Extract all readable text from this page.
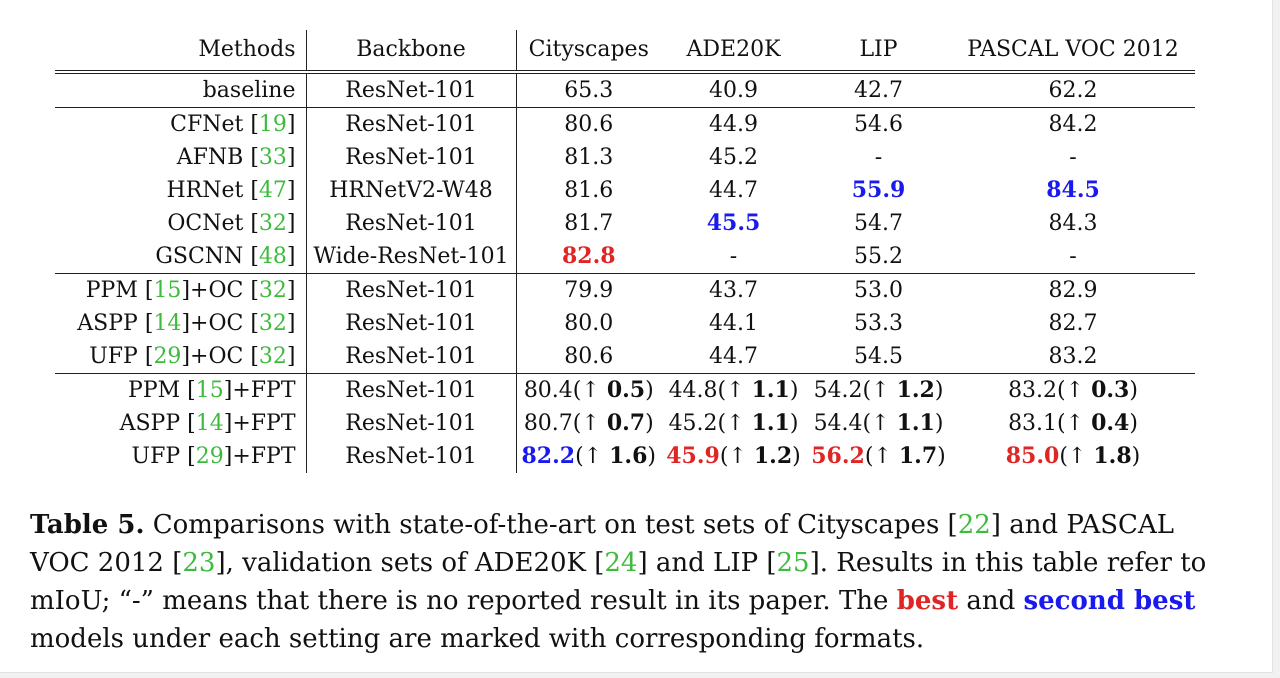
Methods	Backbone	Cityscapes	ADE20K	LIP	PASCAL VOC 2012
baseline	ResNet-101	65.3	40.9	42.7	62.2
CFNet [19]	ResNet-101	80.6	44.9	54.6	84.2
AFNB [33]	ResNet-101	81.3	45.2	-	-
HRNet [47]	HRNetV2-W48	81.6	44.7	55.9	84.5
OCNet [32]	ResNet-101	81.7	45.5	54.7	84.3
GSCNN [48]	Wide-ResNet-101	82.8	-	55.2	-
PPM [15]+OC [32]	ResNet-101	79.9	43.7	53.0	82.9
ASPP [14]+OC [32]	ResNet-101	80.0	44.1	53.3	82.7
UFP [29]+OC [32]	ResNet-101	80.6	44.7	54.5	83.2
PPM [15]+FPT	ResNet-101	80.4(↑ 0.5)	44.8(↑ 1.1)	54.2(↑ 1.2)	83.2(↑ 0.3)
ASPP [14]+FPT	ResNet-101	80.7(↑ 0.7)	45.2(↑ 1.1)	54.4(↑ 1.1)	83.1(↑ 0.4)
UFP [29]+FPT	ResNet-101	82.2(↑ 1.6)	45.9(↑ 1.2)	56.2(↑ 1.7)	85.0(↑ 1.8)
Table 5. Comparisons with state-of-the-art on test sets of Cityscapes [22] and PASCAL VOC 2012 [23], validation sets of ADE20K [24] and LIP [25]. Results in this table refer to mIoU; “-” means that there is no reported result in its paper. The best and second best models under each setting are marked with corresponding formats.
